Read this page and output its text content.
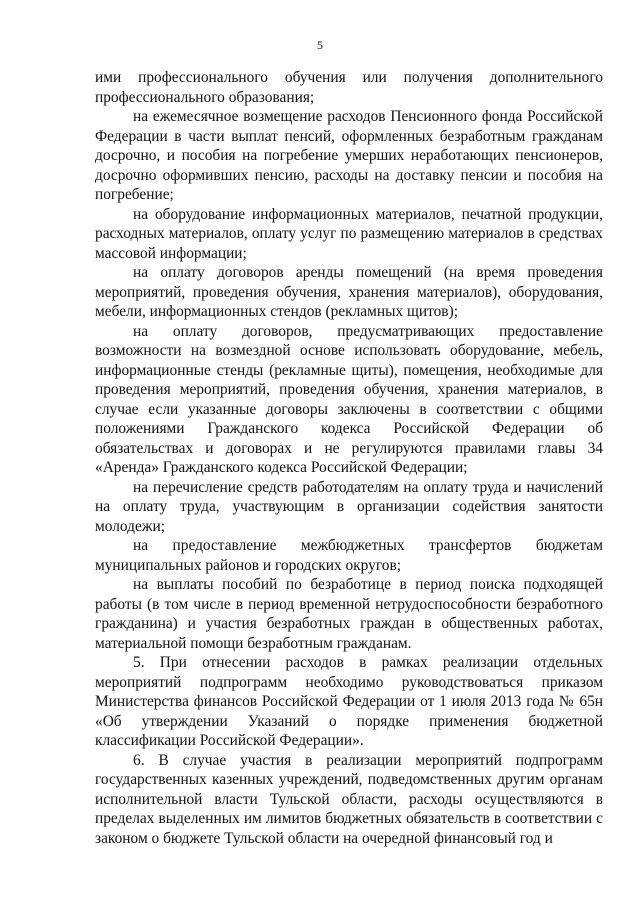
5

ими профессионального обучения или получения дополнительного профессионального образования;

на ежемесячное возмещение расходов Пенсионного фонда Российской Федерации в части выплат пенсий, оформленных безработным гражданам досрочно, и пособия на погребение умерших неработающих пенсионеров, досрочно оформивших пенсию, расходы на доставку пенсии и пособия на погребение;

на оборудование информационных материалов, печатной продукции, расходных материалов, оплату услуг по размещению материалов в средствах массовой информации;

на оплату договоров аренды помещений (на время проведения мероприятий, проведения обучения, хранения материалов), оборудования, мебели, информационных стендов (рекламных щитов);

на оплату договоров, предусматривающих предоставление возможности на возмездной основе использовать оборудование, мебель, информационные стенды (рекламные щиты), помещения, необходимые для проведения мероприятий, проведения обучения, хранения материалов, в случае если указанные договоры заключены в соответствии с общими положениями Гражданского кодекса Российской Федерации об обязательствах и договорах и не регулируются правилами главы 34 «Аренда» Гражданского кодекса Российской Федерации;

на перечисление средств работодателям на оплату труда и начислений на оплату труда, участвующим в организации содействия занятости молодежи;

на предоставление межбюджетных трансфертов бюджетам муниципальных районов и городских округов;

на выплаты пособий по безработице в период поиска подходящей работы (в том числе в период временной нетрудоспособности безработного гражданина) и участия безработных граждан в общественных работах, материальной помощи безработным гражданам.

5. При отнесении расходов в рамках реализации отдельных мероприятий подпрограмм необходимо руководствоваться приказом Министерства финансов Российской Федерации от 1 июля 2013 года № 65н «Об утверждении Указаний о порядке применения бюджетной классификации Российской Федерации».

6. В случае участия в реализации мероприятий подпрограмм государственных казенных учреждений, подведомственных другим органам исполнительной власти Тульской области, расходы осуществляются в пределах выделенных им лимитов бюджетных обязательств в соответствии с законом о бюджете Тульской области на очередной финансовый год и
